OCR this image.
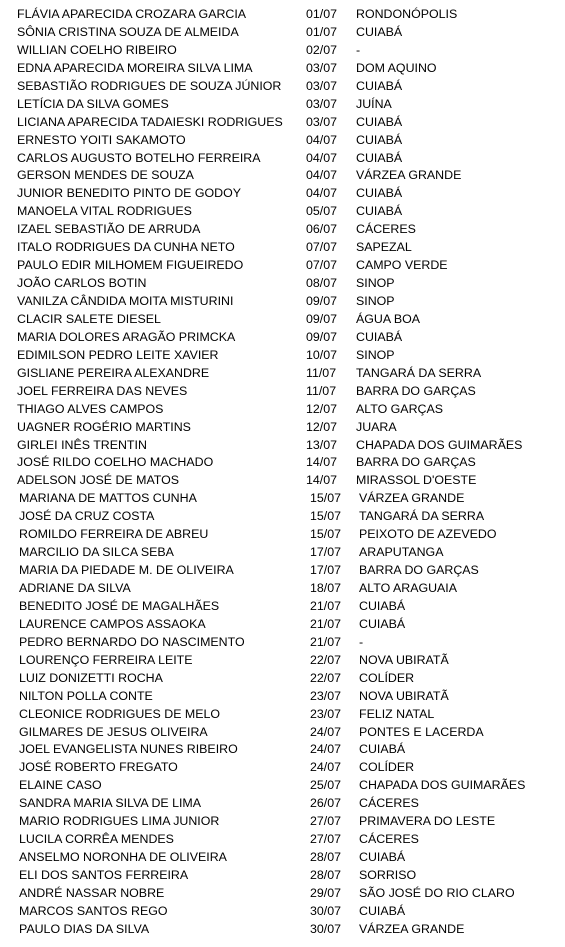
FLÁVIA APARECIDA CROZARA GARCIA	01/07 RONDONÓPOLIS
SÔNIA CRISTINA SOUZA DE ALMEIDA	01/07 CUIABÁ
WILLIAN COELHO RIBEIRO	02/07 -
EDNA APARECIDA MOREIRA SILVA LIMA	03/07 DOM AQUINO
SEBASTIÃO RODRIGUES DE SOUZA JÚNIOR 03/07 CUIABÁ
LETÍCIA DA SILVA GOMES	03/07 JUÍNA
LICIANA APARECIDA TADAIESKI RODRIGUES 03/07 CUIABÁ
ERNESTO YOITI SAKAMOTO	04/07 CUIABÁ
CARLOS AUGUSTO BOTELHO FERREIRA	04/07 CUIABÁ
GERSON MENDES DE SOUZA	04/07 VÁRZEA GRANDE
JUNIOR BENEDITO PINTO DE GODOY	04/07 CUIABÁ
MANOELA VITAL RODRIGUES	05/07 CUIABÁ
IZAEL SEBASTIÃO DE ARRUDA	06/07 CÁCERES
ITALO RODRIGUES DA CUNHA NETO	07/07 SAPEZAL
PAULO EDIR MILHOMEM FIGUEIREDO	07/07 CAMPO VERDE
JOÃO CARLOS BOTIN	08/07 SINOP
VANILZA CÂNDIDA MOITA MISTURINI	09/07 SINOP
CLACIR SALETE DIESEL	09/07 ÁGUA BOA
MARIA DOLORES ARAGÃO PRIMCKA	09/07 CUIABÁ
EDIMILSON PEDRO LEITE XAVIER	10/07 SINOP
GISLIANE PEREIRA ALEXANDRE	11/07 TANGARÁ DA SERRA
JOEL FERREIRA DAS NEVES	11/07 BARRA DO GARÇAS
THIAGO ALVES CAMPOS	12/07 ALTO GARÇAS
UAGNER ROGÉRIO MARTINS	12/07 JUARA
GIRLEI INÊS TRENTIN	13/07 CHAPADA DOS GUIMARÃES
JOSÉ RILDO COELHO MACHADO	14/07 BARRA DO GARÇAS
ADELSON JOSÉ DE MATOS	14/07 MIRASSOL D'OESTE
MARIANA DE MATTOS CUNHA	15/07 VÁRZEA GRANDE
JOSÉ DA CRUZ COSTA	15/07 TANGARÁ DA SERRA
ROMILDO FERREIRA DE ABREU	15/07 PEIXOTO DE AZEVEDO
MARCILIO DA SILCA SEBA	17/07 ARAPUTANGA
MARIA DA PIEDADE M. DE OLIVEIRA	17/07 BARRA DO GARÇAS
ADRIANE DA SILVA	18/07 ALTO ARAGUAIA
BENEDITO JOSÉ DE MAGALHÃES	21/07 CUIABÁ
LAURENCE CAMPOS ASSAOKA	21/07 CUIABÁ
PEDRO BERNARDO DO NASCIMENTO	21/07 -
LOURENÇO FERREIRA LEITE	22/07 NOVA UBIRATÃ
LUIZ DONIZETTI ROCHA	22/07 COLÍDER
NILTON POLLA CONTE	23/07 NOVA UBIRATÃ
CLEONICE RODRIGUES DE MELO	23/07 FELIZ NATAL
GILMARES DE JESUS OLIVEIRA	24/07 PONTES E LACERDA
JOEL EVANGELISTA NUNES RIBEIRO	24/07 CUIABÁ
JOSÉ ROBERTO FREGATO	24/07 COLÍDER
ELAINE CASO	25/07 CHAPADA DOS GUIMARÃES
SANDRA MARIA SILVA DE LIMA	26/07 CÁCERES
MARIO RODRIGUES LIMA JUNIOR	27/07 PRIMAVERA DO LESTE
LUCILA CORRÊA MENDES	27/07 CÁCERES
ANSELMO NORONHA DE OLIVEIRA	28/07 CUIABÁ
ELI DOS SANTOS FERREIRA	28/07 SORRISO
ANDRÉ NASSAR NOBRE	29/07 SÃO JOSÉ DO RIO CLARO
MARCOS SANTOS REGO	30/07 CUIABÁ
PAULO DIAS DA SILVA	30/07 VÁRZEA GRANDE
